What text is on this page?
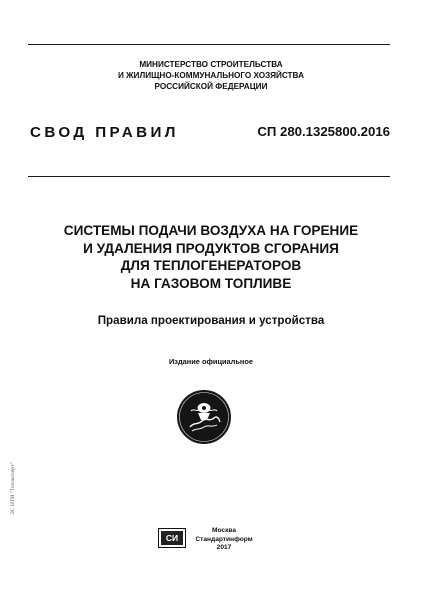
МИНИСТЕРСТВО СТРОИТЕЛЬСТВА
И ЖИЛИЩНО-КОММУНАЛЬНОГО ХОЗЯЙСТВА
РОССИЙСКОЙ ФЕДЕРАЦИИ
СВОД ПРАВИЛ	СП 280.1325800.2016
СИСТЕМЫ ПОДАЧИ ВОЗДУХА НА ГОРЕНИЕ
И УДАЛЕНИЯ ПРОДУКТОВ СГОРАНИЯ
ДЛЯ ТЕПЛОГЕНЕРАТОРОВ
НА ГАЗОВОМ ТОПЛИВЕ
Правила проектирования и устройства
Издание официальное
СИ
Москва
Стандартинформ
2017
ЭС НТИ "Техэксперт"
